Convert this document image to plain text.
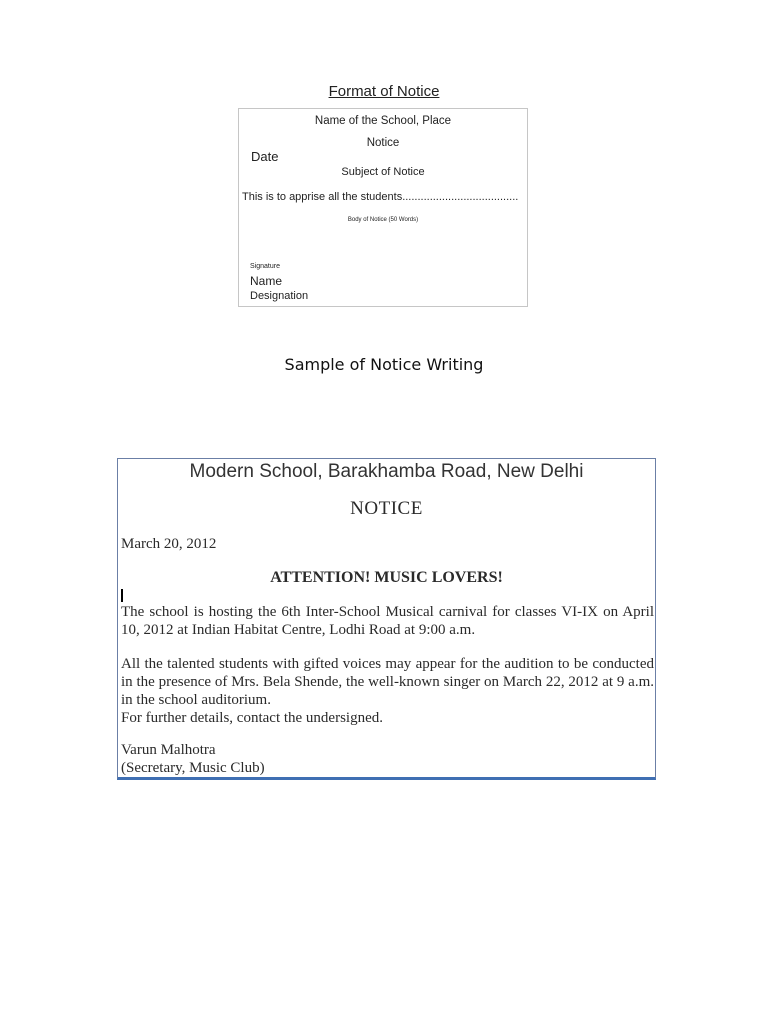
Format of Notice
Name of the School, Place
Notice
Date
Subject of Notice
This is to apprise all the students......................................
Body of Notice (50 Words)
Signature
Name
Designation
Sample of Notice Writing
Modern School, Barakhamba Road, New Delhi
NOTICE
March 20, 2012
ATTENTION! MUSIC LOVERS!
The school is hosting the 6th Inter-School Musical carnival for classes VI-IX on April 10, 2012 at Indian Habitat Centre, Lodhi Road at 9:00 a.m.
All the talented students with gifted voices may appear for the audition to be conducted in the presence of Mrs. Bela Shende, the well-known singer on March 22, 2012 at 9 a.m. in the school auditorium.
For further details, contact the undersigned.
Varun Malhotra
(Secretary, Music Club)
